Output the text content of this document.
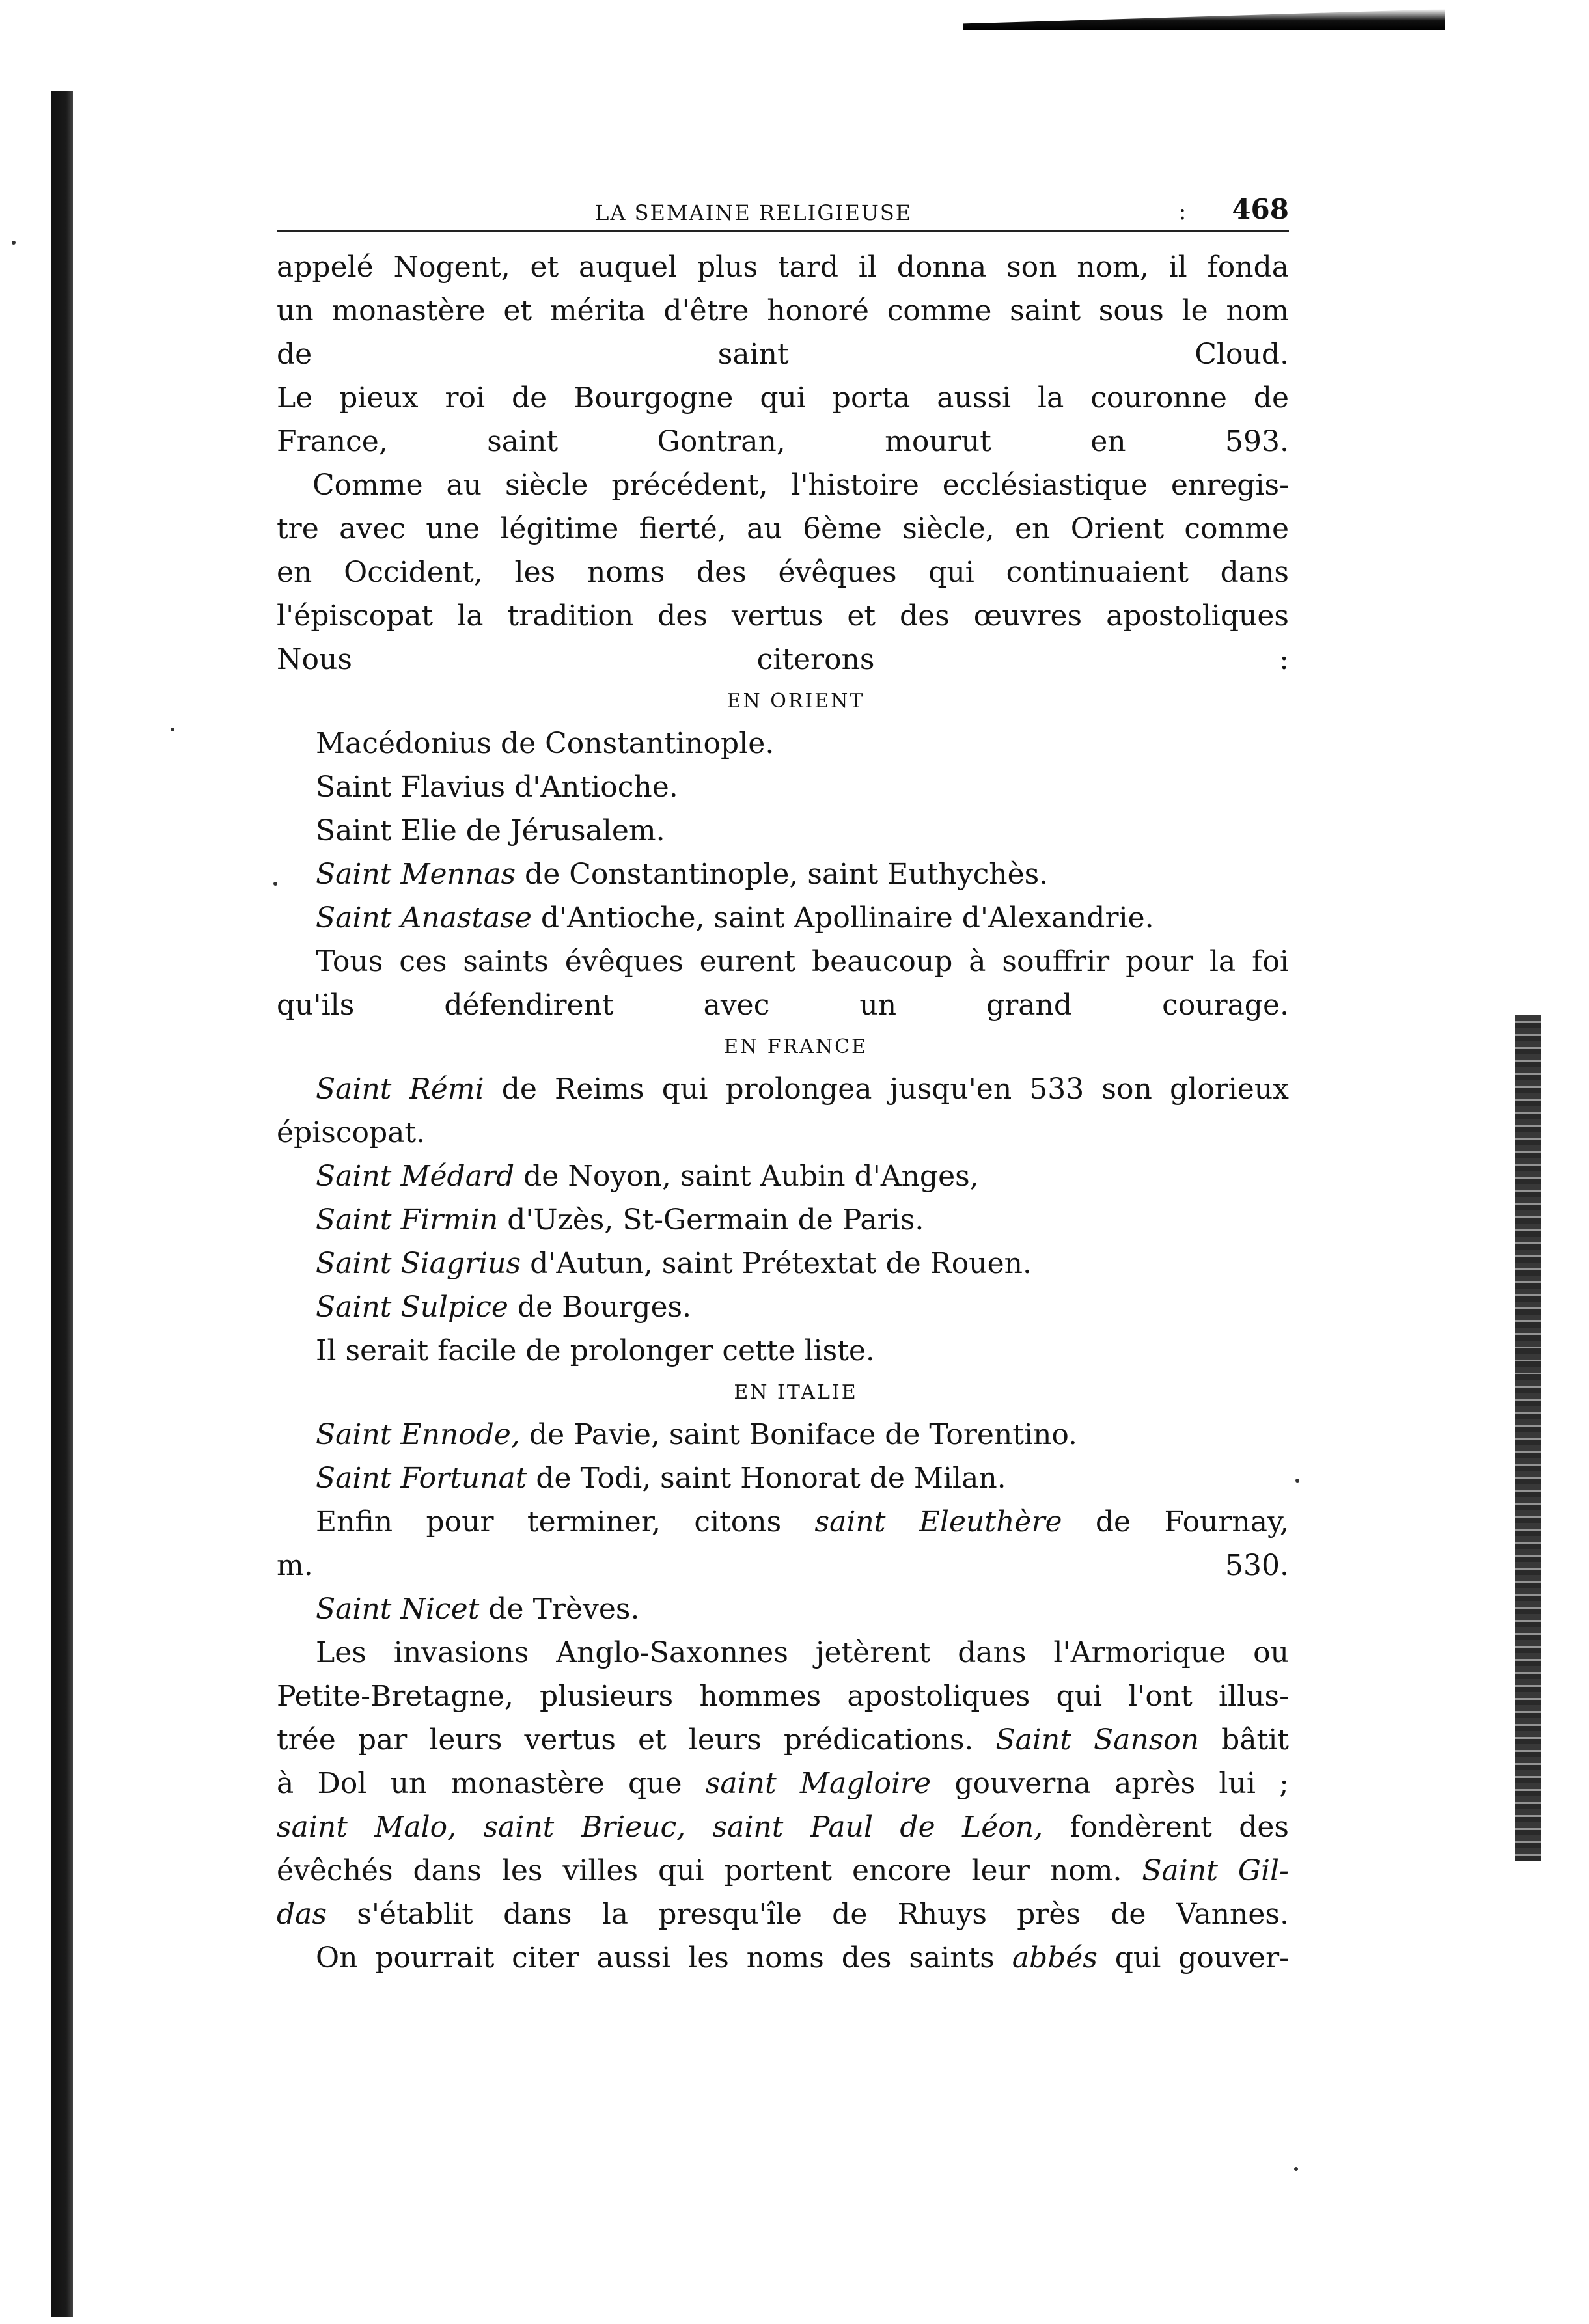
LA SEMAINE RELIGIEUSE	: 468
appelé Nogent, et auquel plus tard il donna son nom, il fonda
un monastère et mérita d'être honoré comme saint sous le nom
de saint Cloud.
Le pieux roi de Bourgogne qui porta aussi la couronne de
France, saint Gontran, mourut en 593.
Comme au siècle précédent, l'histoire ecclésiastique enregis-
tre avec une légitime fierté, au 6ème siècle, en Orient comme
en Occident, les noms des évêques qui continuaient dans
l'épiscopat la tradition des vertus et des œuvres apostoliques
Nous citerons :

EN ORIENT

Macédonius de Constantinople.
Saint Flavius d'Antioche.
Saint Elie de Jérusalem.
Saint Mennas de Constantinople, saint Euthychès.
Saint Anastase d'Antioche, saint Apollinaire d'Alexandrie.
Tous ces saints évêques eurent beaucoup à souffrir pour la foi
qu'ils défendirent avec un grand courage.

EN FRANCE

Saint Rémi de Reims qui prolongea jusqu'en 533 son glorieux
épiscopat.
Saint Médard de Noyon, saint Aubin d'Anges,
Saint Firmin d'Uzès, St-Germain de Paris.
Saint Siagrius d'Autun, saint Prétextat de Rouen.
Saint Sulpice de Bourges.
Il serait facile de prolonger cette liste.

EN ITALIE

Saint Ennode, de Pavie, saint Boniface de Torentino.
Saint Fortunat de Todi, saint Honorat de Milan.
Enfin pour terminer, citons saint Eleuthère de Fournay,
m. 530.
Saint Nicet de Trèves.
Les invasions Anglo-Saxonnes jetèrent dans l'Armorique ou
Petite-Bretagne, plusieurs hommes apostoliques qui l'ont illus-
trée par leurs vertus et leurs prédications. Saint Sanson bâtit
à Dol un monastère que saint Magloire gouverna après lui ;
saint Malo, saint Brieuc, saint Paul de Léon, fondèrent des
évêchés dans les villes qui portent encore leur nom. Saint Gil-
das s'établit dans la presqu'île de Rhuys près de Vannes.
On pourrait citer aussi les noms des saints abbés qui gouver-
